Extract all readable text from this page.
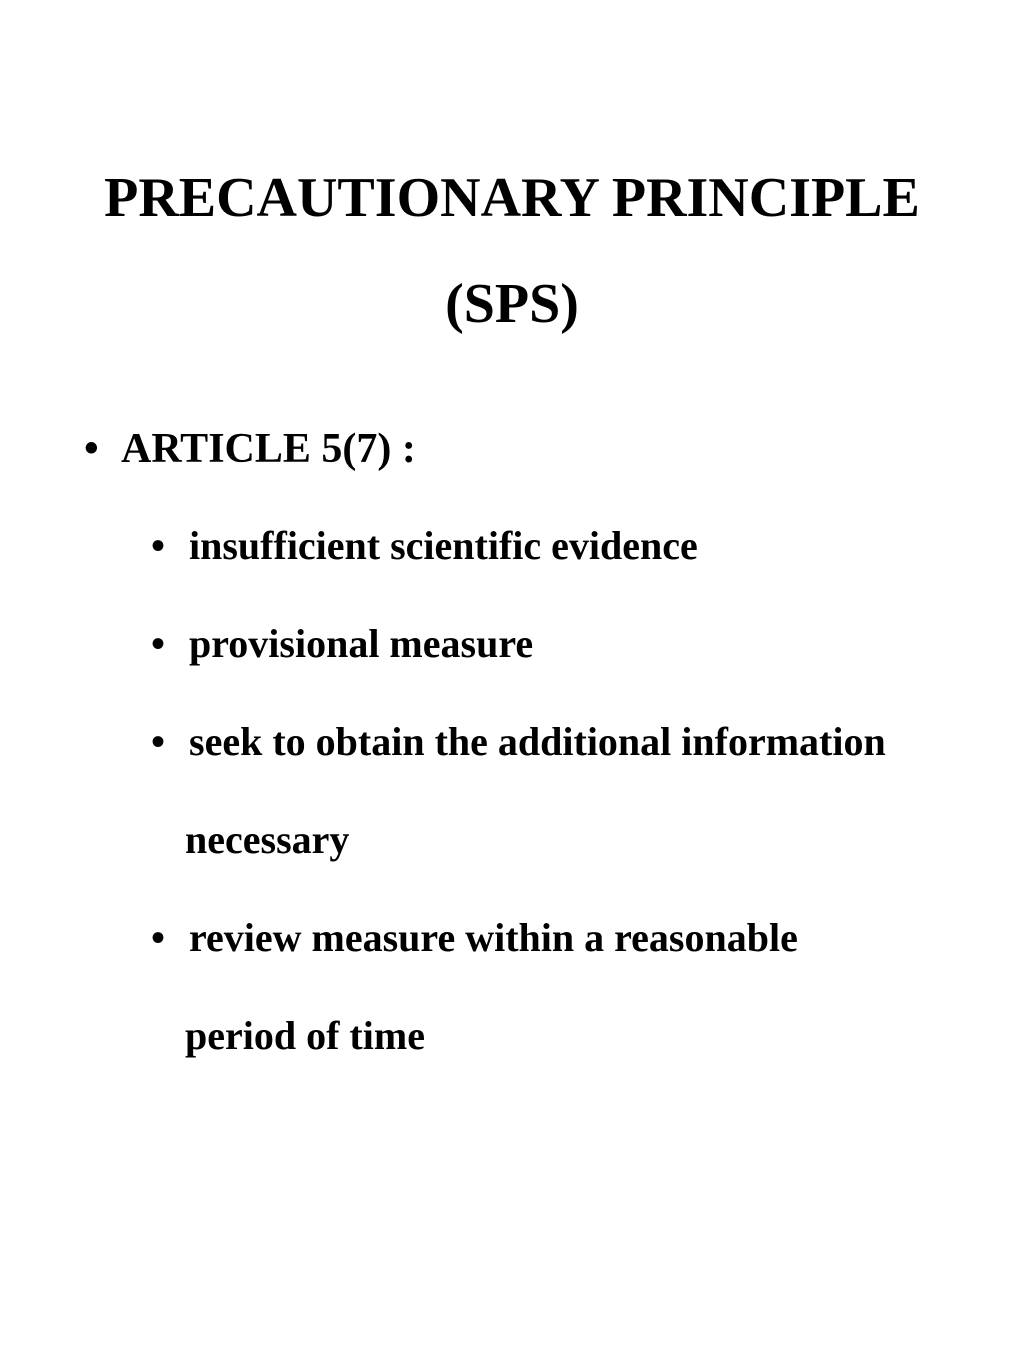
PRECAUTIONARY PRINCIPLE
(SPS)
• ARTICLE 5(7) :
• insufficient scientific evidence
• provisional measure
• seek to obtain the additional information
necessary
• review measure within a reasonable
period of time
